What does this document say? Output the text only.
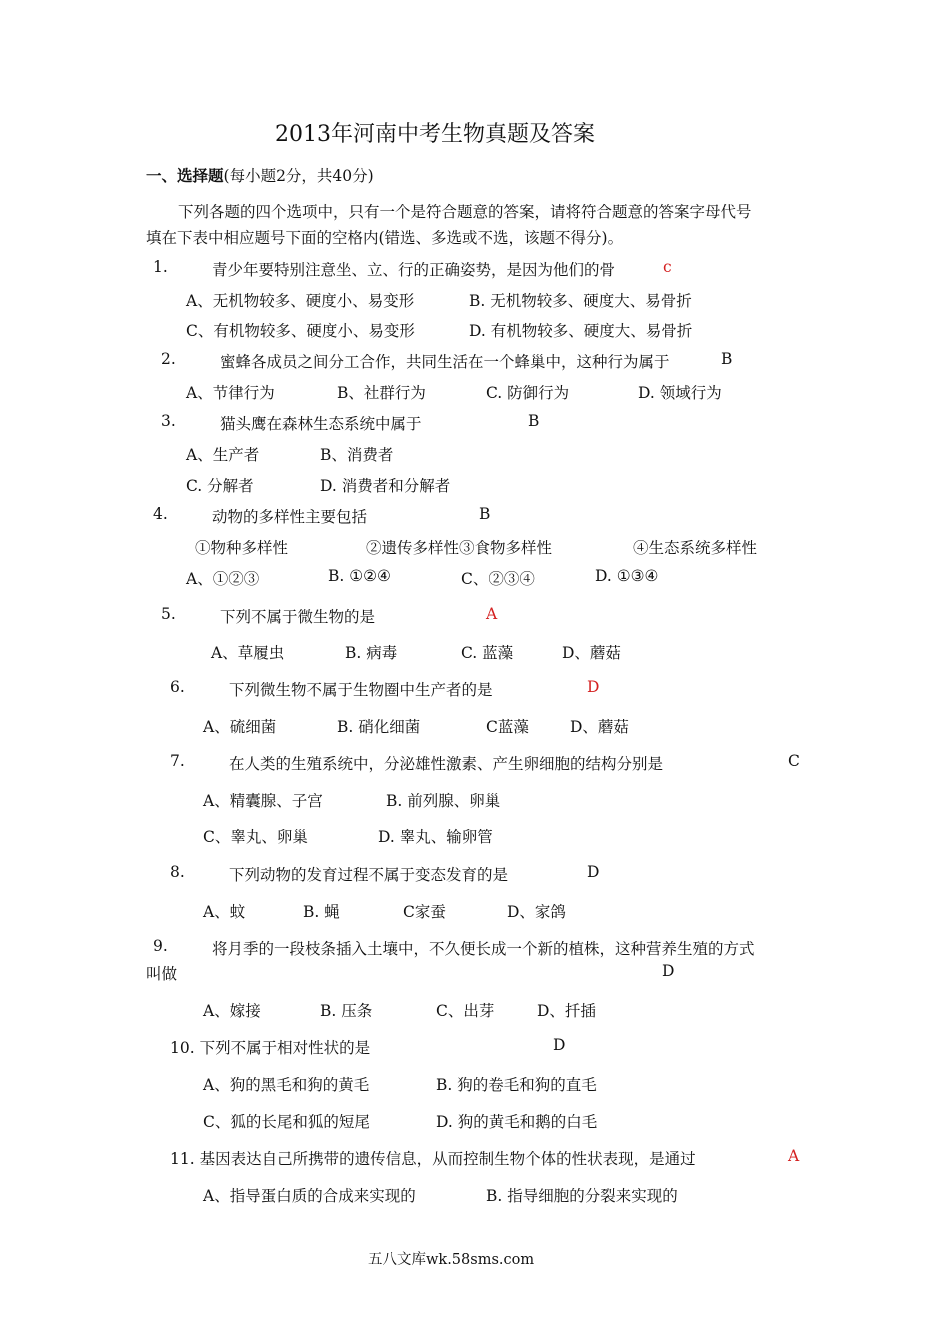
2013年河南中考生物真题及答案
一、选择题(每小题2分，共40分)
下列各题的四个选项中，只有一个是符合题意的答案，请将符合题意的答案字母代号
填在下表中相应题号下面的空格内(错选、多选或不选，该题不得分)。
1.	青少年要特别注意坐、立、行的正确姿势，是因为他们的骨	c
A、无机物较多、硬度小、易变形	B. 无机物较多、硬度大、易骨折
C、有机物较多、硬度小、易变形	D. 有机物较多、硬度大、易骨折
2.	蜜蜂各成员之间分工合作，共同生活在一个蜂巢中，这种行为属于	B
A、节律行为	B、社群行为	C. 防御行为	D. 领域行为
3.	猫头鹰在森林生态系统中属于	B
A、生产者	B、消费者
C. 分解者	D. 消费者和分解者
4.	动物的多样性主要包括	B
①物种多样性	②遗传多样性③食物多样性	④生态系统多样性
A、①②③	B. ①②④	C、②③④	D. ①③④
5.	下列不属于微生物的是	A
A、草履虫	B. 病毒	C. 蓝藻	D、蘑菇
6.	下列微生物不属于生物圈中生产者的是	D
A、硫细菌	B. 硝化细菌	C蓝藻	D、蘑菇
7.	在人类的生殖系统中，分泌雄性激素、产生卵细胞的结构分别是	C
A、精囊腺、子宫	B. 前列腺、卵巢
C、睾丸、卵巢	D. 睾丸、输卵管
8.	下列动物的发育过程不属于变态发育的是	D
A、蚊	B. 蝇	C家蚕	D、家鸽
9.	将月季的一段枝条插入土壤中，不久便长成一个新的植株，这种营养生殖的方式
叫做	D
A、嫁接	B. 压条	C、出芽	D、扦插
10. 下列不属于相对性状的是	D
A、狗的黑毛和狗的黄毛	B. 狗的卷毛和狗的直毛
C、狐的长尾和狐的短尾	D. 狗的黄毛和鹅的白毛
11. 基因表达自己所携带的遗传信息，从而控制生物个体的性状表现，是通过	A
A、指导蛋白质的合成来实现的	B. 指导细胞的分裂来实现的
五八文库wk.58sms.com
